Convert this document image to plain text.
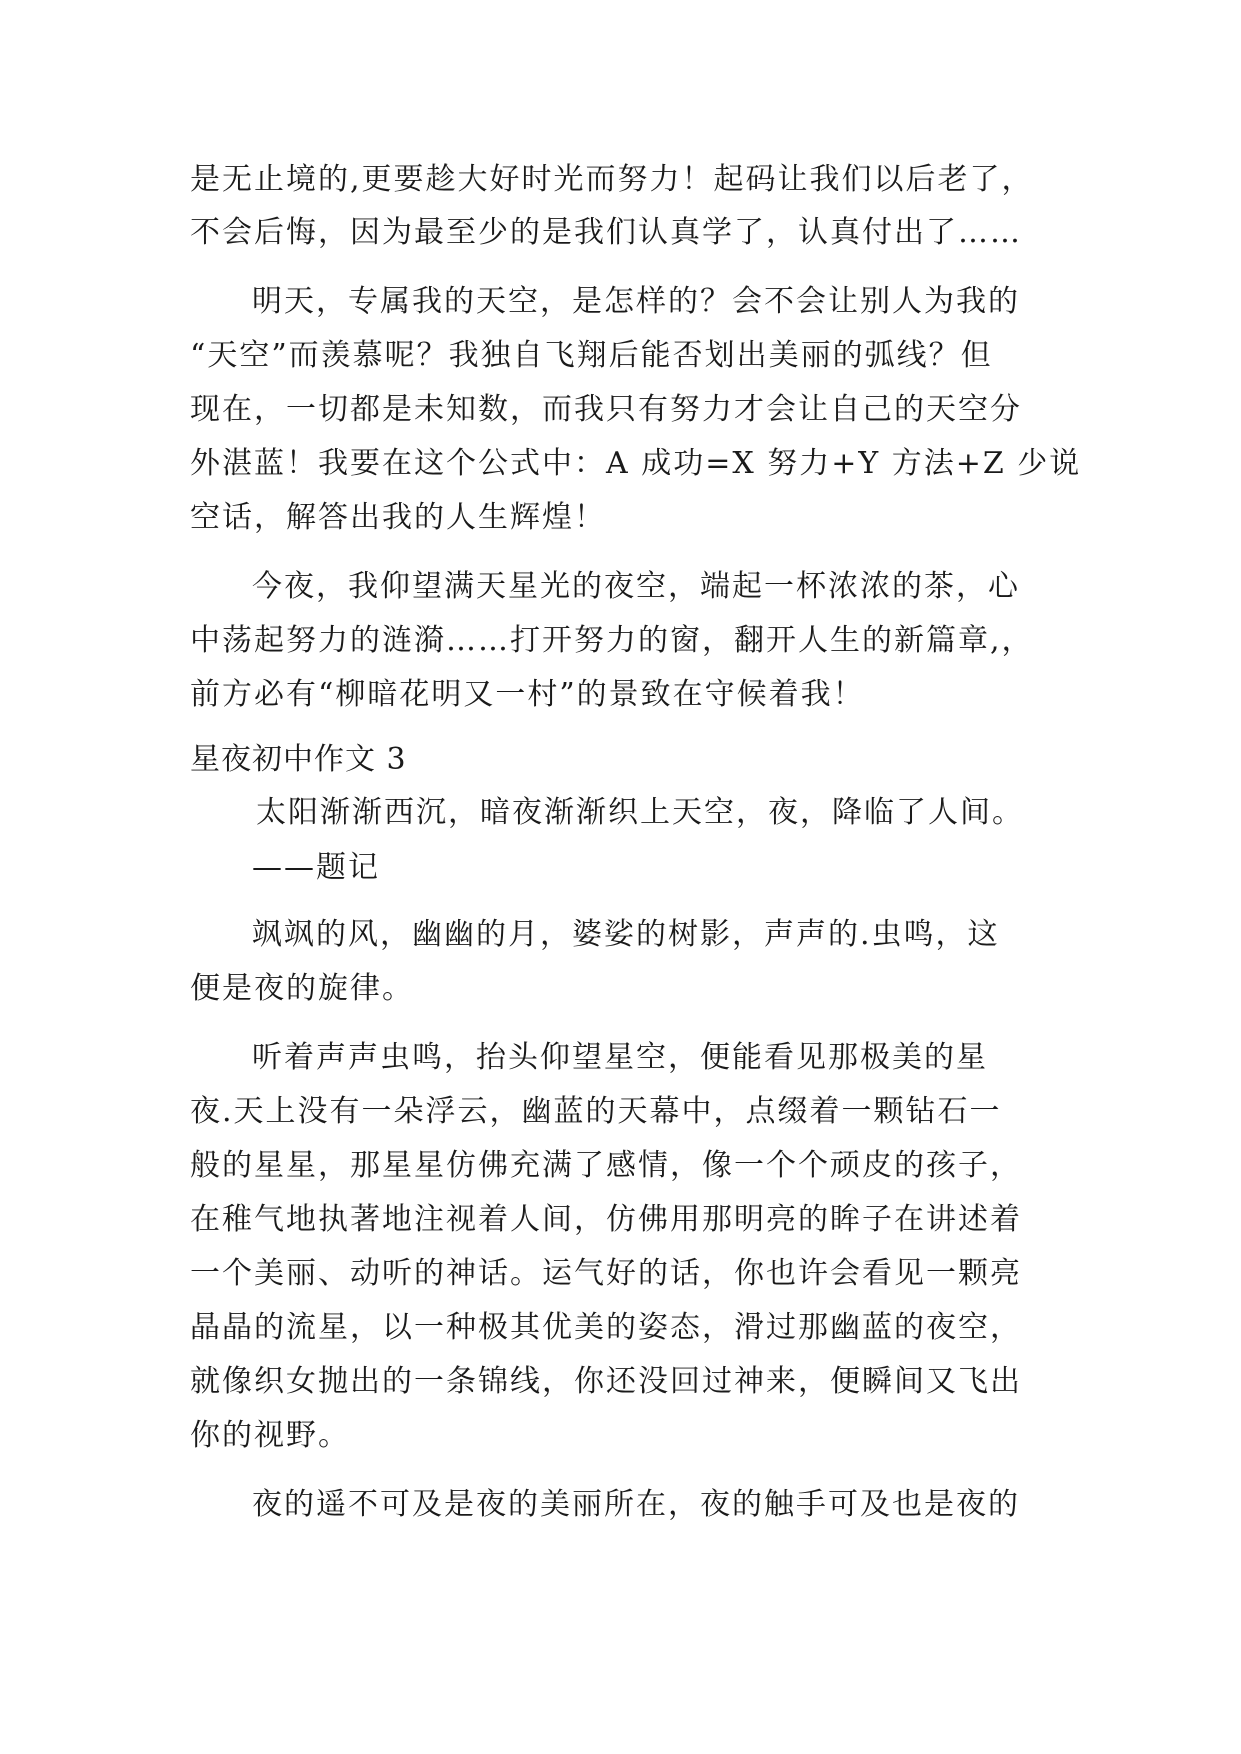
是无止境的,更要趁大好时光而努力！起码让我们以后老了，
不会后悔，因为最至少的是我们认真学了，认真付出了……
明天，专属我的天空，是怎样的？会不会让别人为我的
“天空”而羡慕呢？我独自飞翔后能否划出美丽的弧线？但
现在，一切都是未知数，而我只有努力才会让自己的天空分
外湛蓝！我要在这个公式中：A 成功=X 努力+Y 方法+Z 少说
空话，解答出我的人生辉煌！
今夜，我仰望满天星光的夜空，端起一杯浓浓的茶，心
中荡起努力的涟漪……打开努力的窗，翻开人生的新篇章,，
前方必有“柳暗花明又一村”的景致在守候着我！
星夜初中作文 3
太阳渐渐西沉，暗夜渐渐织上天空，夜，降临了人间。
——题记
飒飒的风，幽幽的月，婆娑的树影，声声的.虫鸣，这
便是夜的旋律。
听着声声虫鸣，抬头仰望星空，便能看见那极美的星
夜.天上没有一朵浮云，幽蓝的天幕中，点缀着一颗钻石一
般的星星，那星星仿佛充满了感情，像一个个顽皮的孩子，
在稚气地执著地注视着人间，仿佛用那明亮的眸子在讲述着
一个美丽、动听的神话。运气好的话，你也许会看见一颗亮
晶晶的流星，以一种极其优美的姿态，滑过那幽蓝的夜空，
就像织女抛出的一条锦线，你还没回过神来，便瞬间又飞出
你的视野。
夜的遥不可及是夜的美丽所在，夜的触手可及也是夜的
